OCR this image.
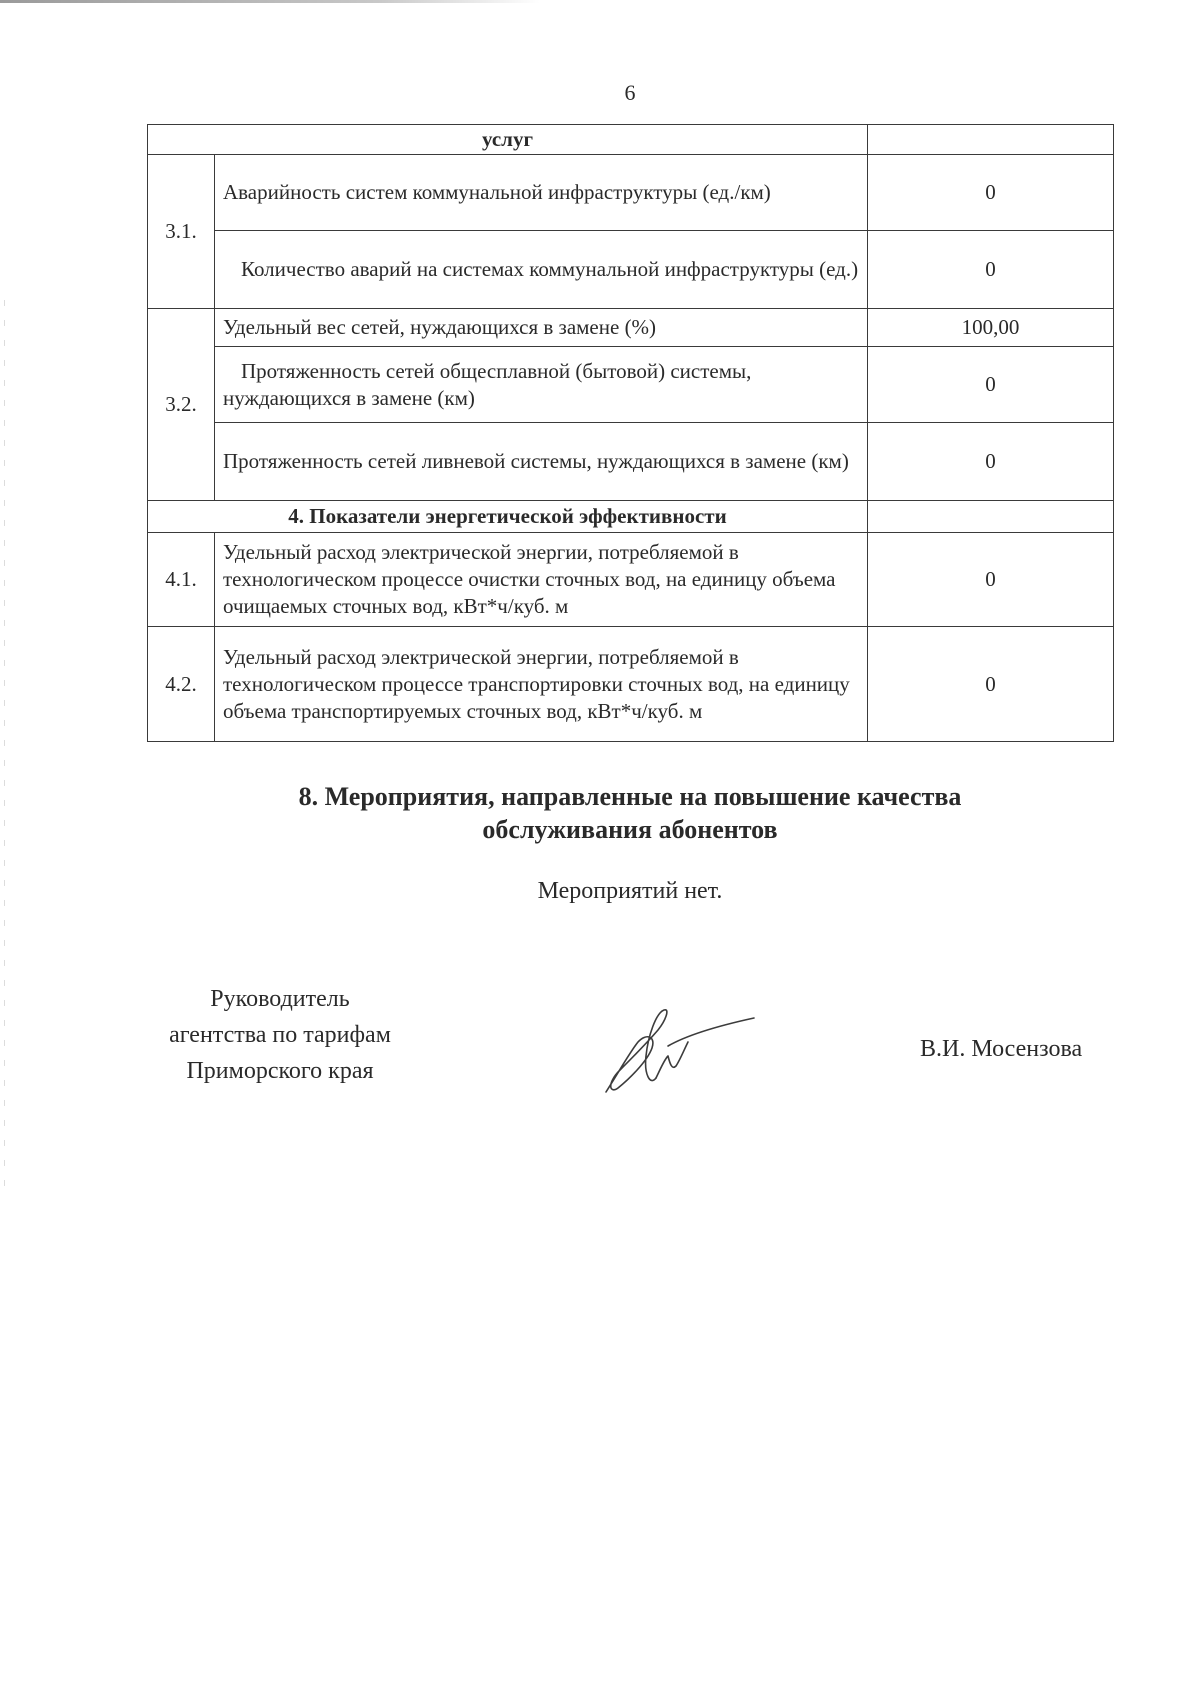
6
услуг		
3.1.	Аварийность систем коммунальной инфраструктуры (ед./км)	0
	Количество аварий на системах коммунальной инфраструктуры (ед.)	0
3.2.	Удельный вес сетей, нуждающихся в замене (%)	100,00
	Протяженность сетей общесплавной (бытовой) системы, нуждающихся в замене (км)	0
	Протяженность сетей ливневой системы, нуждающихся в замене (км)	0
4. Показатели энергетической эффективности		
4.1.	Удельный расход электрической энергии, потребляемой в технологическом процессе очистки сточных вод, на единицу объема очищаемых сточных вод, кВт*ч/куб. м	0
4.2.	Удельный расход электрической энергии, потребляемой в технологическом процессе транспортировки сточных вод, на единицу объема транспортируемых сточных вод, кВт*ч/куб. м	0
8. Мероприятия, направленные на повышение качества
обслуживания абонентов
Мероприятий нет.
Руководитель
агентства по тарифам
Приморского края
В.И. Мосензова
